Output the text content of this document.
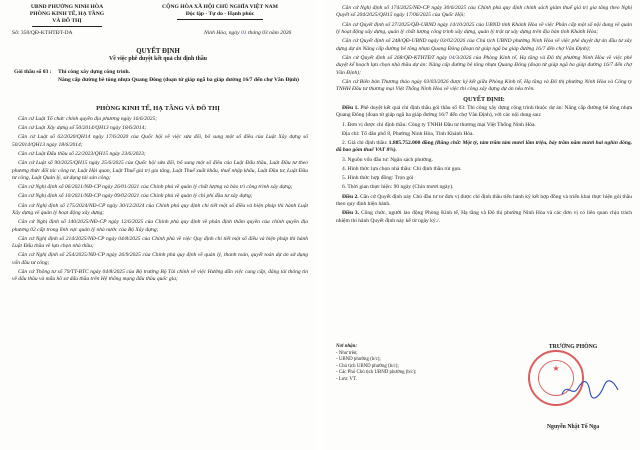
UBND PHƯỜNG NINH HÒA
PHÒNG KINH TẾ, HẠ TẦNG
VÀ ĐÔ THỊ
CỘNG HÒA XÃ HỘI CHỦ NGHĨA VIỆT NAM
Độc lập - Tự do - Hạnh phúc
Số: 350/QĐ-KTHTĐT-DA	Ninh Hòa, ngày 01 tháng 03 năm 2026
QUYẾT ĐỊNH
Về việc phê duyệt kết quả chỉ định thầu
Gói thầu số 03 : Thi công xây dựng công trình.
Nâng cấp đường bê tông nhựa Quang Đông (đoạn từ giáp ngã ba giáp đường 16/7 đến chợ Văn Định)
PHÒNG KINH TẾ, HẠ TẦNG VÀ ĐÔ THỊ

Căn cứ Luật Tổ chức chính quyền địa phương ngày 16/6/2025;

Căn cứ Luật Xây dựng số 50/2014/QH13 ngày 18/6/2014;

Căn cứ Luật số 62/2020/QH14 ngày 17/6/2020 của Quốc hội về việc sửa đổi, bổ sung một số điều của Luật Xây dựng số 50/2014/QH13 ngày 18/6/2014;

Căn cứ Luật Đấu thầu số 22/2023/QH15 ngày 23/6/2023;

Căn cứ Luật số 90/2025/QH15 ngày 25/6/2025 của Quốc hội sửa đổi, bổ sung một số điều của Luật Đấu thầu, Luật Đầu tư theo phương thức đối tác công tư, Luật Hải quan, Luật Thuế giá trị gia tăng, Luật Thuế xuất khẩu, thuế nhập khẩu, Luật Đầu tư, Luật Đầu tư công, Luật Quản lý, sử dụng tài sản công;

Căn cứ Nghị định số 06/2021/NĐ-CP ngày 26/01/2021 của Chính phủ về quản lý chất lượng và bảo trì công trình xây dựng;

Căn cứ Nghị định số 10/2021/NĐ-CP ngày 09/02/2021 của Chính phủ về quản lý chi phí đầu tư xây dựng;

Căn cứ Nghị định số 175/2024/NĐ-CP ngày 30/12/2024 của Chính phủ quy định chi tiết một số điều và biện pháp thi hành Luật Xây dựng về quản lý hoạt động xây dựng;

Căn cứ Nghị định số 140/2025/NĐ-CP ngày 12/6/2025 của Chính phủ quy định về phân định thẩm quyền của chính quyền địa phương 02 cấp trong lĩnh vực quản lý nhà nước của Bộ Xây dựng;

Căn cứ Nghị định số 214/2025/NĐ-CP ngày 04/8/2025 của Chính phủ về việc Quy định chi tiết một số điều và biện pháp thi hành Luật Đấu thầu về lựa chọn nhà thầu;

Căn cứ Nghị định số 254/2025/NĐ-CP ngày 26/9/2025 của Chính phủ quy định về quản lý, thanh toán, quyết toán dự án sử dụng vốn đầu tư công;

Căn cứ Thông tư số 79/TT-BTC ngày 04/8/2025 của Bộ trưởng Bộ Tài chính về việc Hướng dẫn việc cung cấp, đăng tải thông tin về đấu thầu và mẫu hồ sơ đấu thầu trên Hệ thống mạng đấu thầu quốc gia;

Căn cứ Nghị định số 174/2025/NĐ-CP ngày 30/6/2025 của Chính phủ quy định chính sách giảm thuế giá trị gia tăng theo Nghị Quyết số 204/2025/QH15 ngày 17/06/2025 của Quốc Hội;

Căn cứ Quyết định số 27/2025/QĐ-UBND ngày 14/10/2025 của UBND tỉnh Khánh Hòa về việc Phân cấp một số nội dung về quản lý hoạt động xây dựng, quản lý chất lượng công trình xây dựng, quản lý trật tự xây dựng trên địa bàn tỉnh Khánh Hòa;

Căn cứ Quyết định số 248/QĐ-UBND ngày 03/02/2026 của Chủ tịch UBND phường Ninh Hòa về việc phê duyệt dự án đầu tư xây dựng dự án Nâng cấp đường bê tông nhựa Quang Đông (đoạn từ giáp ngã ba giáp đường 16/7 đến chợ Văn Định);

Căn cứ Quyết định số 268/QĐ-KTHTĐT ngày 04/3/2026 của Phòng Kinh tế, Hạ tầng và Đô thị phường Ninh Hòa về việc phê duyệt kế hoạch lựa chọn nhà thầu dự án: Nâng cấp đường bê tông nhựa Quang Đông (đoạn từ giáp ngã ba giáp đường 16/7 đến chợ Văn Định);

Căn cứ Biên bản Thương thảo ngày 03/03/2026 được ký kết giữa Phòng Kinh tế, Hạ tầng và Đô thị phường Ninh Hòa và Công ty TNHH Đầu tư thương mại Việt Thống Ninh Hòa về việc thi công xây dựng dự án nêu trên.

QUYẾT ĐỊNH:

Điều 1. Phê duyệt kết quả chỉ định thầu gói thầu số 03: Thi công xây dựng công trình thuộc dự án: Nâng cấp đường bê tông nhựa Quang Đông (đoạn từ giáp ngã ba giáp đường 16/7 đến chợ Văn Định), với các nội dung sau:

1. Đơn vị được chỉ định thầu: Công ty TNHH Đầu tư thương mại Việt Thống Ninh Hòa.

Địa chỉ: Tổ dân phố 8, Phường Ninh Hòa, Tỉnh Khánh Hòa.

2. Giá chỉ định thầu: 1.885.752.000 đồng (Bằng chữ: Một tỷ, tám trăm tám mươi lăm triệu, bảy trăm năm mươi hai nghìn đồng, đã bao gồm thuế VAT 8%).

3. Nguồn vốn đầu tư: Ngân sách phường.

4. Hình thức lựa chọn nhà thầu: Chỉ định thầu rút gọn.

5. Hình thức hợp đồng: Trọn gói

6. Thời gian thực hiện: 90 ngày (Chín mươi ngày).

Điều 2. Căn cứ Quyết định này Chủ đầu tư tư đơn vị được chỉ định thầu tiến hành ký kết hợp đồng và triển khai thực hiện gói thầu theo quy định hiện hành.

Điều 3. Công chức, người lao động Phòng Kinh tế, Hạ tầng và Đô thị phường Ninh Hòa và các đơn vị có liên quan chịu trách nhiệm thi hành Quyết định này kể từ ngày ký./.

Nơi nhận:
- Như trên;
- UBND phường (b/c);
- Chủ tịch UBND phường (b/c);
- Các Phó Chủ tịch UBND phường (b/c);
- Lưu: VT.
★
TRƯỞNG PHÒNG
Nguyễn Nhật Tố Nga
